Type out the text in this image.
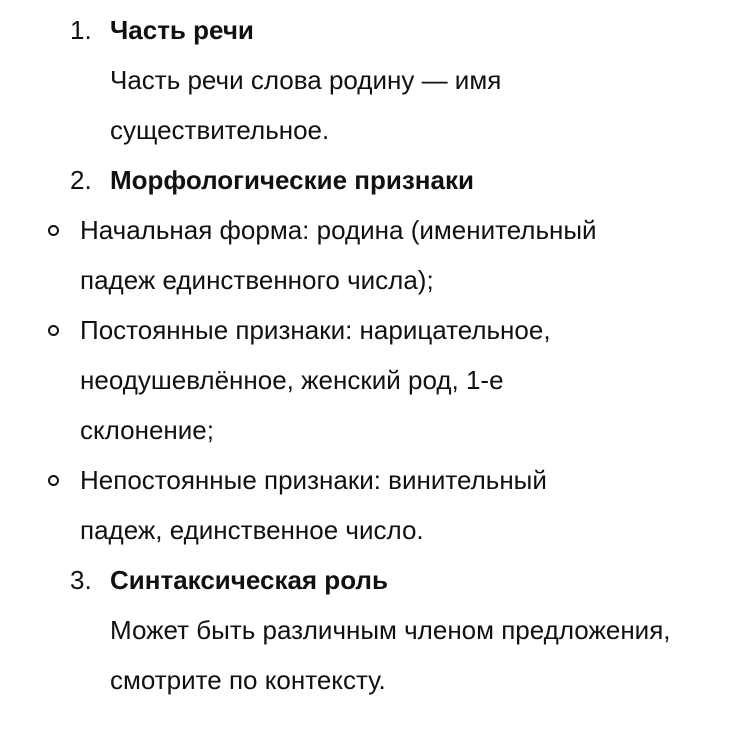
1. Часть речи
Часть речи слова родину — имя существительное.
2. Морфологические признаки
Начальная форма: родина (именительный падеж единственного числа);
Постоянные признаки: нарицательное, неодушевлённое, женский род, 1-е склонение;
Непостоянные признаки: винительный падеж, единственное число.
3. Синтаксическая роль
Может быть различным членом предложения, смотрите по контексту.
